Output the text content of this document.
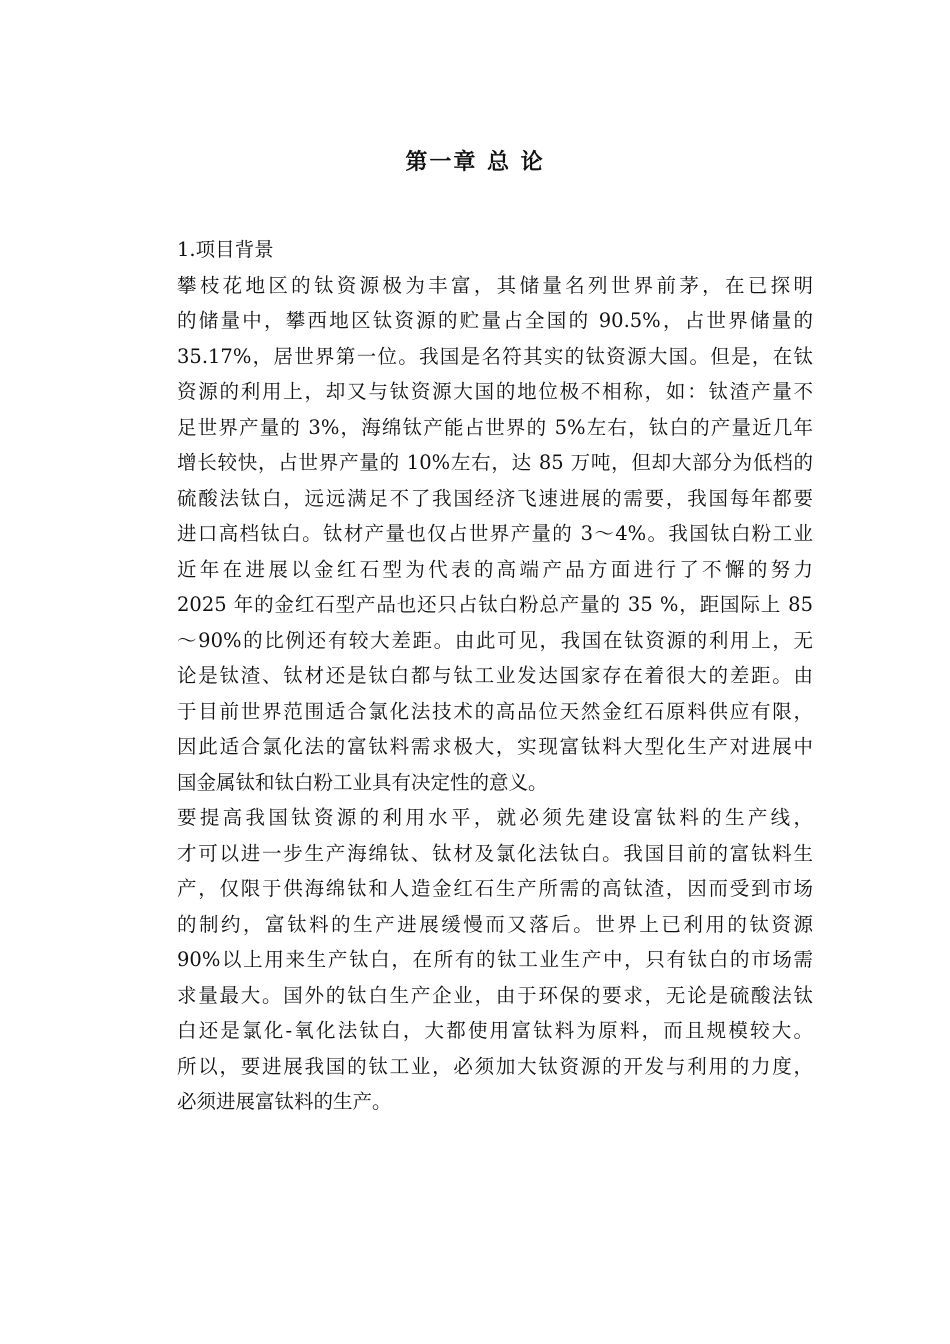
第一章 总 论

1.项目背景

攀枝花地区的钛资源极为丰富，其储量名列世界前茅，在已探明
的储量中，攀西地区钛资源的贮量占全国的 90.5%，占世界储量的
35.17%，居世界第一位。我国是名符其实的钛资源大国。但是，在钛
资源的利用上，却又与钛资源大国的地位极不相称，如：钛渣产量不
足世界产量的 3%，海绵钛产能占世界的 5%左右，钛白的产量近几年
增长较快，占世界产量的 10%左右，达 85 万吨，但却大部分为低档的
硫酸法钛白，远远满足不了我国经济飞速进展的需要，我国每年都要
进口高档钛白。钛材产量也仅占世界产量的 3～4%。我国钛白粉工业
近年在进展以金红石型为代表的高端产品方面进行了不懈的努力
2025 年的金红石型产品也还只占钛白粉总产量的 35 %，距国际上 85
～90%的比例还有较大差距。由此可见，我国在钛资源的利用上，无
论是钛渣、钛材还是钛白都与钛工业发达国家存在着很大的差距。由
于目前世界范围适合氯化法技术的高品位天然金红石原料供应有限，
因此适合氯化法的富钛料需求极大，实现富钛料大型化生产对进展中
国金属钛和钛白粉工业具有决定性的意义。
要提高我国钛资源的利用水平，就必须先建设富钛料的生产线，
才可以进一步生产海绵钛、钛材及氯化法钛白。我国目前的富钛料生
产，仅限于供海绵钛和人造金红石生产所需的高钛渣，因而受到市场
的制约，富钛料的生产进展缓慢而又落后。世界上已利用的钛资源
90%以上用来生产钛白，在所有的钛工业生产中，只有钛白的市场需
求量最大。国外的钛白生产企业，由于环保的要求，无论是硫酸法钛
白还是氯化-氧化法钛白，大都使用富钛料为原料，而且规模较大。
所以，要进展我国的钛工业，必须加大钛资源的开发与利用的力度，
必须进展富钛料的生产。
